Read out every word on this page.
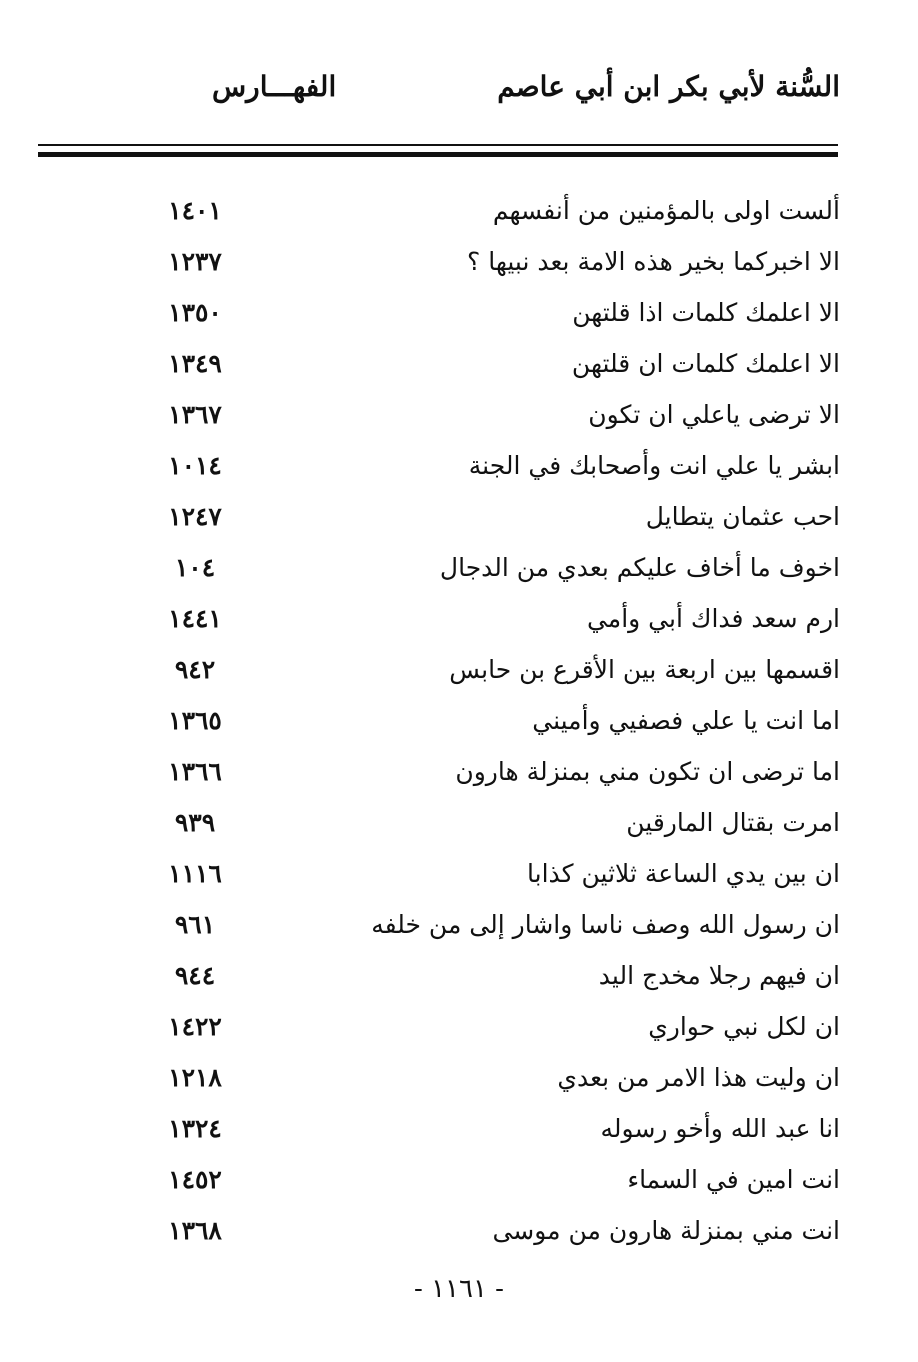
السُّنة لأبي بكر ابن أبي عاصم
الفهـــارس
ألست اولى بالمؤمنين من أنفسهم
١٤٠١
الا اخبركما بخير هذه الامة بعد نبيها ؟
١٢٣٧
الا اعلمك كلمات اذا قلتهن
١٣٥٠
الا اعلمك كلمات ان قلتهن
١٣٤٩
الا ترضى ياعلي ان تكون
١٣٦٧
ابشر يا علي انت وأصحابك في الجنة
١٠١٤
احب عثمان يتطايل
١٢٤٧
اخوف ما أخاف عليكم بعدي من الدجال
١٠٤
ارم سعد فداك أبي وأمي
١٤٤١
اقسمها بين اربعة بين الأقرع بن حابس
٩٤٢
اما انت يا علي فصفيي وأميني
١٣٦٥
اما ترضى ان تكون مني بمنزلة هارون
١٣٦٦
امرت بقتال المارقين
٩٣٩
ان بين يدي الساعة ثلاثين كذابا
١١١٦
ان رسول الله وصف ناسا واشار إلى من خلفه
٩٦١
ان فيهم رجلا مخدج اليد
٩٤٤
ان لكل نبي حواري
١٤٢٢
ان وليت هذا الامر من بعدي
١٢١٨
انا عبد الله وأخو رسوله
١٣٢٤
انت امين في السماء
١٤٥٢
انت مني بمنزلة هارون من موسى
١٣٦٨
- ١١٦١ -
